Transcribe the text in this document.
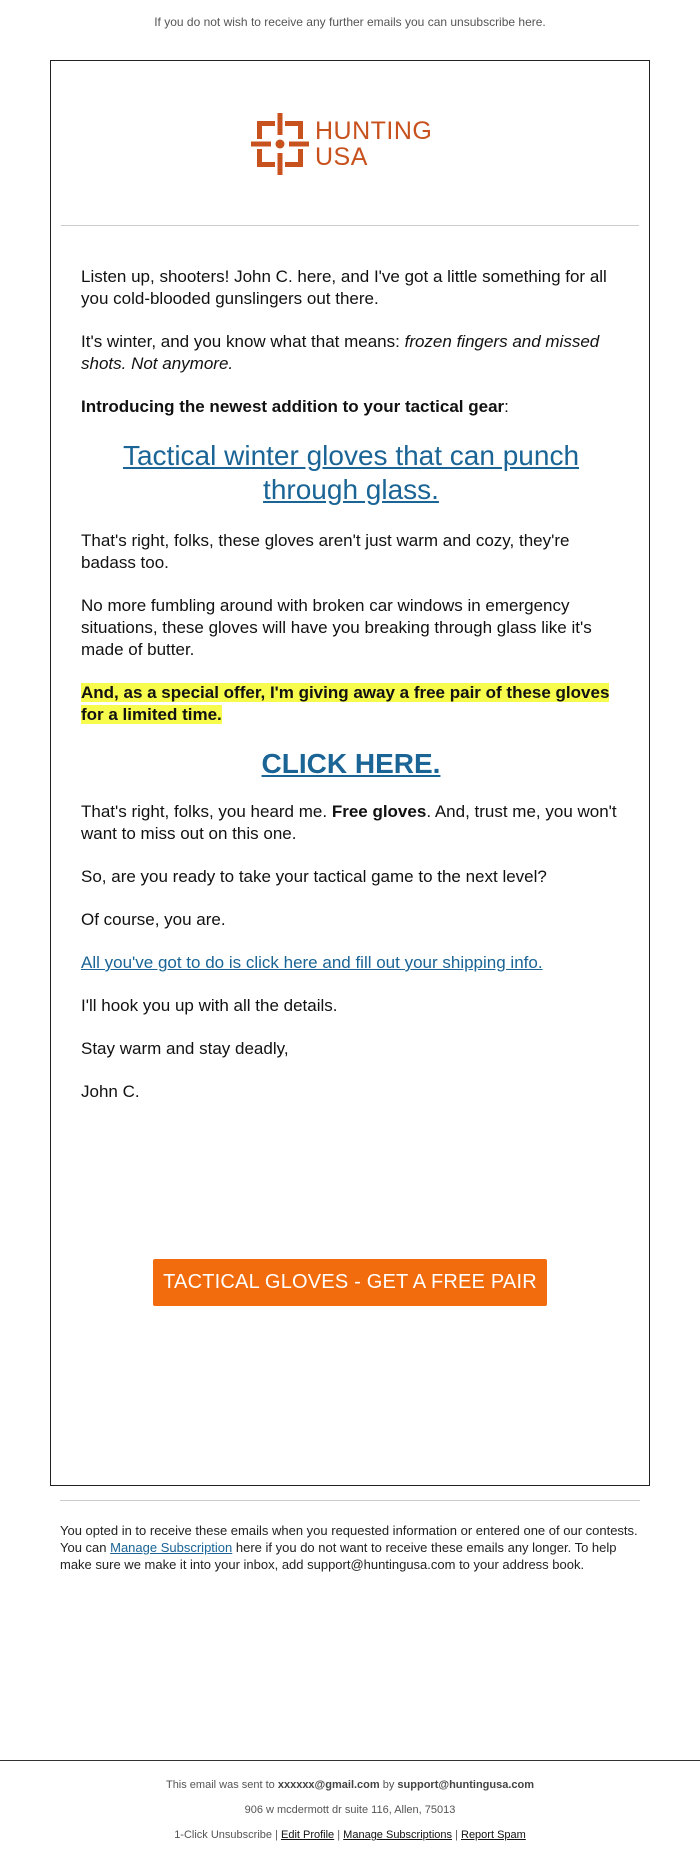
If you do not wish to receive any further emails you can unsubscribe here.
HUNTING
USA

Listen up, shooters! John C. here, and I've got a little something for all you cold-blooded gunslingers out there.

It's winter, and you know what that means: frozen fingers and missed shots. Not anymore.

Introducing the newest addition to your tactical gear:

Tactical winter gloves that can punch through glass.

That's right, folks, these gloves aren't just warm and cozy, they're badass too.

No more fumbling around with broken car windows in emergency situations, these gloves will have you breaking through glass like it's made of butter.

And, as a special offer, I'm giving away a free pair of these gloves for a limited time.

CLICK HERE.

That's right, folks, you heard me. Free gloves. And, trust me, you won't want to miss out on this one.

So, are you ready to take your tactical game to the next level?

Of course, you are.

All you've got to do is click here and fill out your shipping info.

I'll hook you up with all the details.

Stay warm and stay deadly,

John C.

TACTICAL GLOVES - GET A FREE PAIR
You opted in to receive these emails when you requested information or entered one of our contests. You can Manage Subscription here if you do not want to receive these emails any longer. To help make sure we make it into your inbox, add support@huntingusa.com to your address book.
This email was sent to xxxxxx@gmail.com by support@huntingusa.com
906 w mcdermott dr suite 116, Allen, 75013
1-Click Unsubscribe | Edit Profile | Manage Subscriptions | Report Spam
